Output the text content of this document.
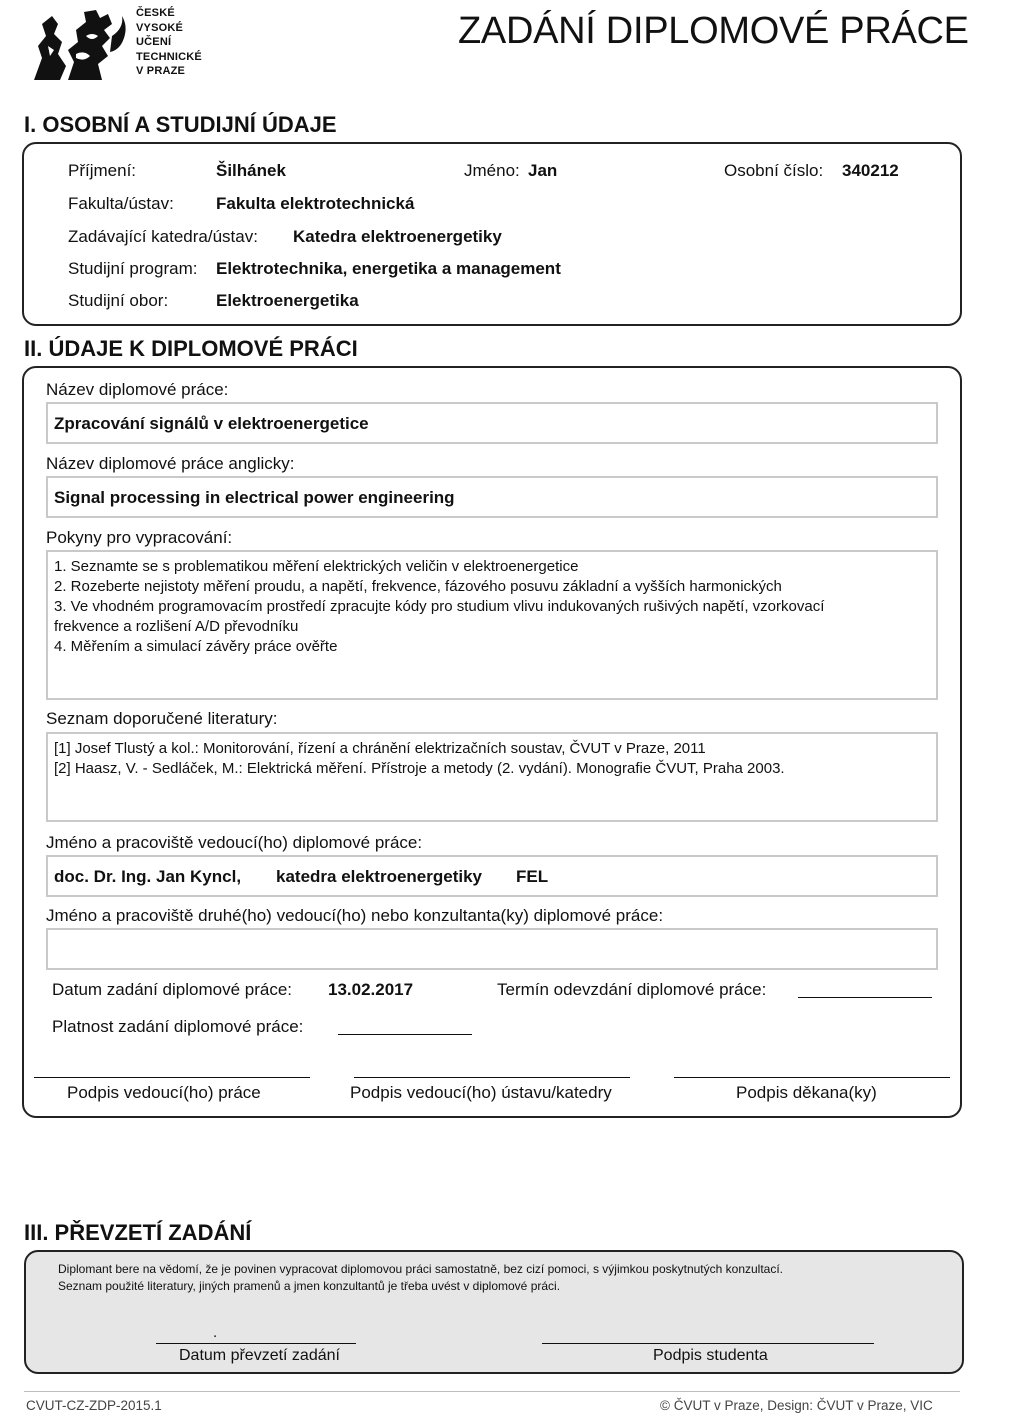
ČESKÉ
VYSOKÉ
UČENÍ
TECHNICKÉ
V PRAZE
ZADÁNÍ DIPLOMOVÉ PRÁCE
I. OSOBNÍ A STUDIJNÍ ÚDAJE
Příjmení:	Šilhánek	Jméno: Jan	Osobní číslo: 340212
Fakulta/ústav: Fakulta elektrotechnická
Zadávající katedra/ústav: Katedra elektroenergetiky
Studijní program: Elektrotechnika, energetika a management
Studijní obor:	Elektroenergetika
II. ÚDAJE K DIPLOMOVÉ PRÁCI
Název diplomové práce:
Zpracování signálů v elektroenergetice
Název diplomové práce anglicky:
Signal processing in electrical power engineering
Pokyny pro vypracování:

1. Seznamte se s problematikou měření elektrických veličin v elektroenergetice

2. Rozeberte nejistoty měření proudu, a napětí, frekvence, fázového posuvu základní a vyšších harmonických

3. Ve vhodném programovacím prostředí zpracujte kódy pro studium vlivu indukovaných rušivých napětí, vzorkovací

frekvence a rozlišení A/D převodníku

4. Měřením a simulací závěry práce ověřte

Seznam doporučené literatury:

[1] Josef Tlustý a kol.: Monitorování, řízení a chránění elektrizačních soustav, ČVUT v Praze, 2011

[2] Haasz, V. - Sedláček, M.: Elektrická měření. Přístroje a metody (2. vydání). Monografie ČVUT, Praha 2003.

Jméno a pracoviště vedoucí(ho) diplomové práce:
doc. Dr. Ing. Jan Kyncl, katedra elektroenergetiky FEL
Jméno a pracoviště druhé(ho) vedoucí(ho) nebo konzultanta(ky) diplomové práce:
Datum zadání diplomové práce: 13.02.2017	Termín odevzdání diplomové práce:
Platnost zadání diplomové práce:
Podpis vedoucí(ho) práce	Podpis vedoucí(ho) ústavu/katedry	Podpis děkana(ky)
III. PŘEVZETÍ ZADÁNÍ
Diplomant bere na vědomí, že je povinen vypracovat diplomovou práci samostatně, bez cizí pomoci, s výjimkou poskytnutých konzultací.
Seznam použité literatury, jiných pramenů a jmen konzultantů je třeba uvést v diplomové práci.
.
Datum převzetí zadání	Podpis studenta
CVUT-CZ-ZDP-2015.1	© ČVUT v Praze, Design: ČVUT v Praze, VIC
